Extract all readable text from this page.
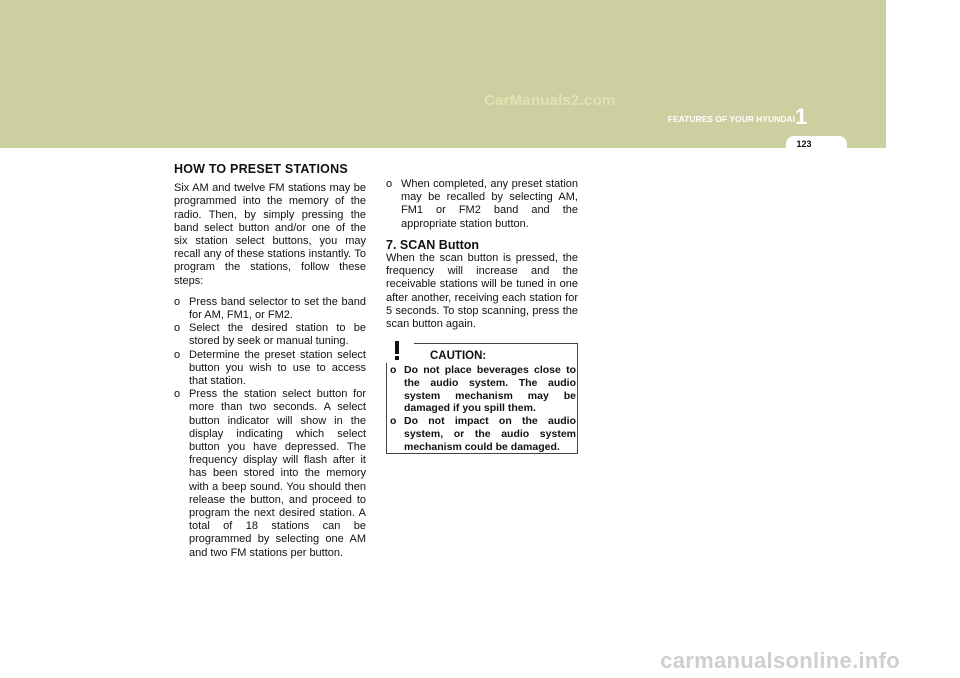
CarManuals2.com
FEATURES OF YOUR HYUNDAI 1
123
HOW TO PRESET STATIONS

Six AM and twelve FM stations may be programmed into the memory of the radio. Then, by simply pressing the band select button and/or one of the six station select buttons, you may recall any of these stations instantly. To program the stations, follow these steps:

o Press band selector to set the band for AM, FM1, or FM2.
o Select the desired station to be stored by seek or manual tuning.
o Determine the preset station select button you wish to use to access that station.
o Press the station select button for more than two seconds. A select button indicator will show in the display indicating which select button you have depressed. The frequency display will flash after it has been stored into the memory with a beep sound. You should then release the button, and proceed to program the next desired station. A total of 18 stations can be programmed by selecting one AM and two FM stations per button.
o When completed, any preset station may be recalled by selecting AM, FM1 or FM2 band and the appropriate station button.
7. SCAN Button

When the scan button is pressed, the frequency will increase and the receivable stations will be tuned in one after another, receiving each station for 5 seconds. To stop scanning, press the scan button again.

CAUTION:
o Do not place beverages close to the audio system. The audio system mechanism may be damaged if you spill them.
o Do not impact on the audio system, or the audio system mechanism could be damaged.
carmanualsonline.info
